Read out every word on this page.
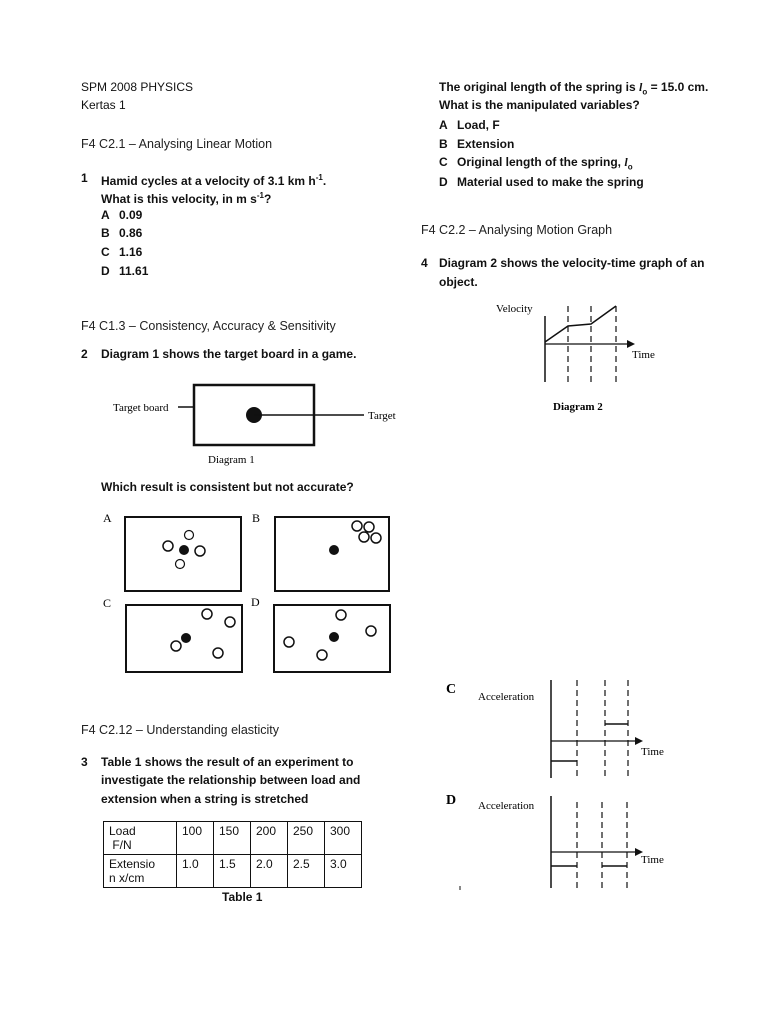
SPM 2008 PHYSICS
Kertas 1
F4 C2.1 – Analysing Linear Motion
1 Hamid cycles at a velocity of 3.1 km $h^{-1}$.
What is this velocity, in m $s^{-1}$?
A 0.09
B 0.86
C 1.16
D 11.61
F4 C1.3 – Consistency, Accuracy & Sensitivity
2 Diagram 1 shows the target board in a game.
Target board
Target
Diagram 1
Which result is consistent but not accurate?
A	B
C	D
F4 C2.12 – Understanding elasticity
3 Table 1 shows the result of an experiment to
investigate the relationship between load and
extension when a string is stretched
Load
F/N	100	150	200	250	300
Extensio
n x/cm	1.0	1.5	2.0	2.5	3.0
Table 1
The original length of the spring is $l_o = 15.0$ cm.
What is the manipulated variables?
A Load, F
B Extension
C Original length of the spring, $l_o$
D Material used to make the spring
F4 C2.2 – Analysing Motion Graph
4 Diagram 2 shows the velocity-time graph of an
object.
Velocity
Time
Diagram 2
C Acceleration
Time
D Acceleration
Time
